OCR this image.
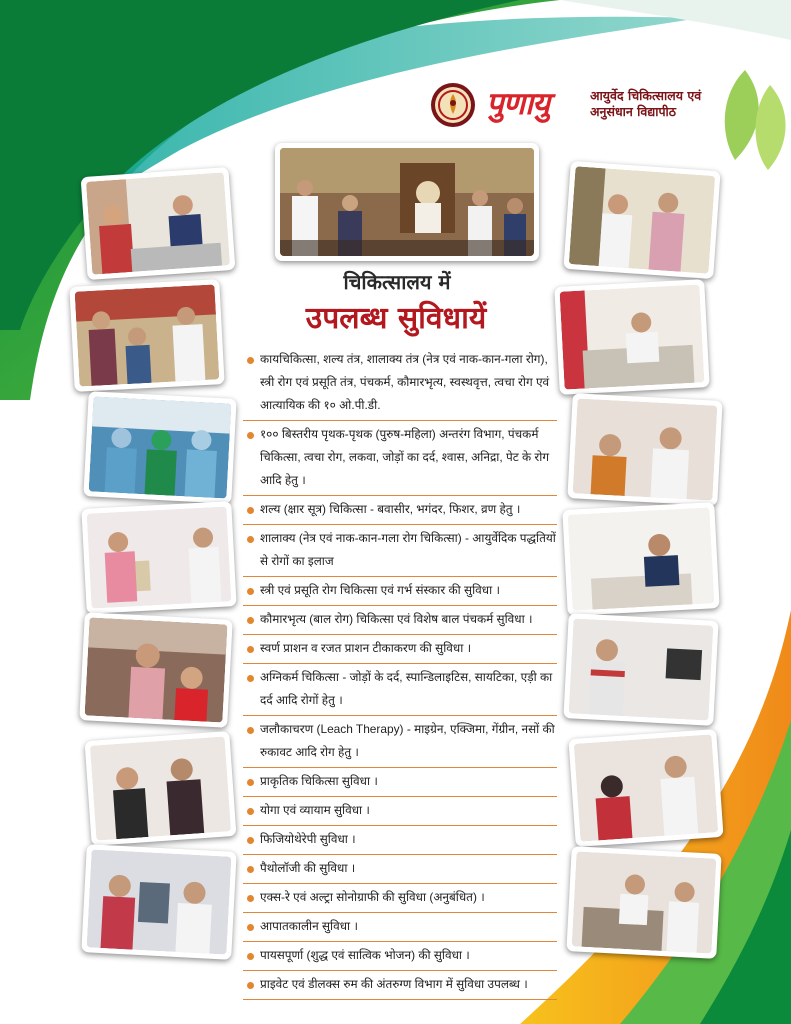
पुणायु	आयुर्वेद चिकित्सालय एवं
अनुसंधान विद्यापीठ
चिकित्सालय में
उपलब्ध सुविधायें
कायचिकित्सा, शल्य तंत्र, शालाक्य तंत्र (नेत्र एवं नाक-कान-गला रोग), स्त्री रोग एवं प्रसूति तंत्र, पंचकर्म, कौमारभृत्य, स्वस्थवृत्त, त्वचा रोग एवं आत्यायिक की १० ओ.पी.डी.
१०० बिस्तरीय पृथक-पृथक (पुरुष-महिला) अन्तरंग विभाग, पंचकर्म चिकित्सा, त्वचा रोग, लकवा, जोड़ों का दर्द, श्वास, अनिद्रा, पेट के रोग आदि हेतु ।
शल्य (क्षार सूत्र) चिकित्सा - बवासीर, भगंदर, फिशर, व्रण हेतु ।
शालाक्य (नेत्र एवं नाक-कान-गला रोग चिकित्सा) - आयुर्वेदिक पद्धतियों से रोगों का इलाज
स्त्री एवं प्रसूति रोग चिकित्सा एवं गर्भ संस्कार की सुविधा ।
कौमारभृत्य (बाल रोग) चिकित्सा एवं विशेष बाल पंचकर्म सुविधा ।
स्वर्ण प्राशन व रजत प्राशन टीकाकरण की सुविधा ।
अग्निकर्म चिकित्सा - जोड़ों के दर्द, स्पान्डिलाइटिस, सायटिका, एड़ी का दर्द आदि रोगों हेतु ।
जलौकाचरण (Leach Therapy) - माइग्रेन, एक्जिमा, गेंग्रीन, नसों की रुकावट आदि रोग हेतु ।
प्राकृतिक चिकित्सा सुविधा ।
योगा एवं व्यायाम सुविधा ।
फिजियोथेरेपी सुविधा ।
पैथोलॉजी की सुविधा ।
एक्स-रे एवं अल्ट्रा सोनोग्राफी की सुविधा (अनुबंधित) ।
आपातकालीन सुविधा ।
पायसपूर्णा (शुद्ध एवं सात्विक भोजन) की सुविधा ।
प्राइवेट एवं डीलक्स रुम की अंतरुग्ण विभाग में सुविधा उपलब्ध ।
